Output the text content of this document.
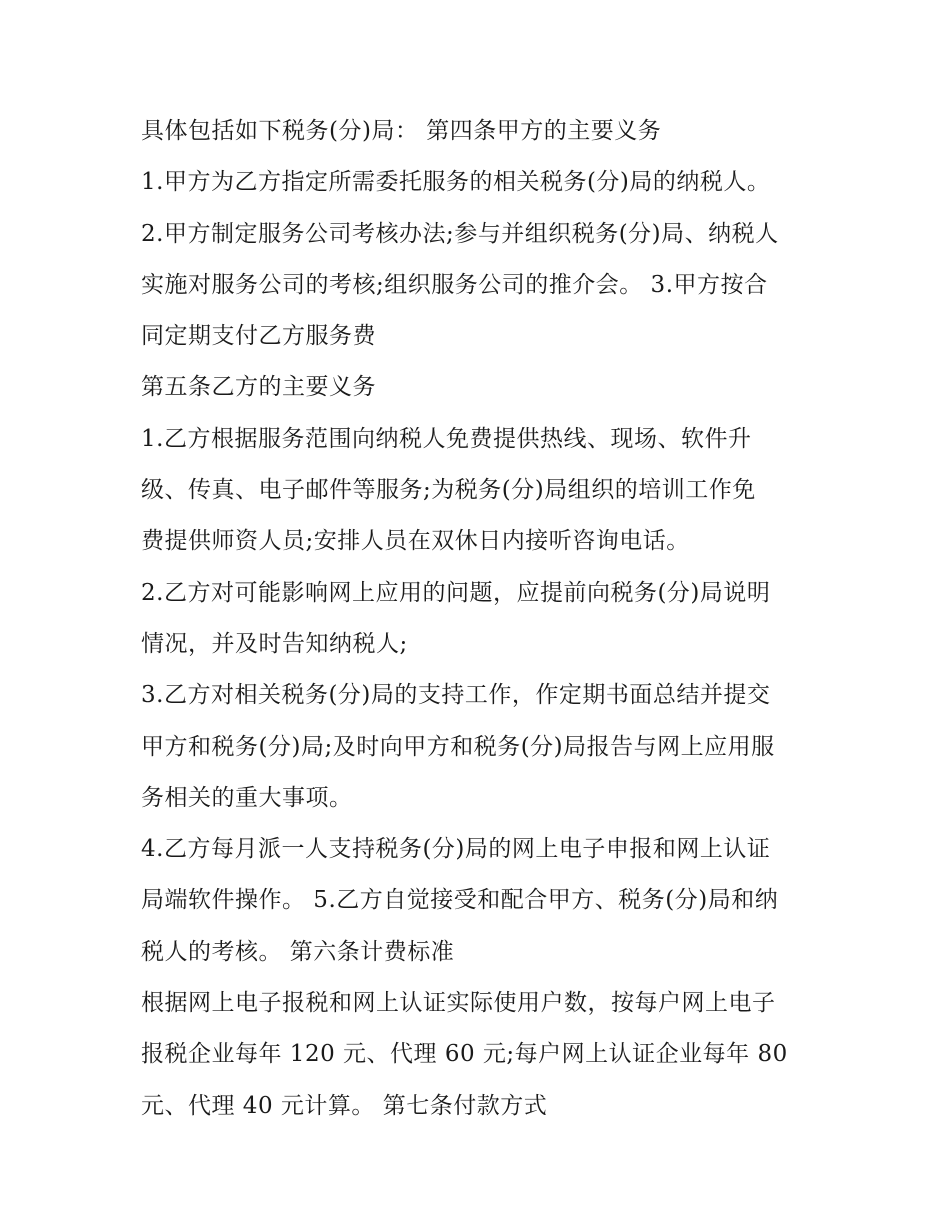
具体包括如下税务(分)局： 第四条甲方的主要义务
1.甲方为乙方指定所需委托服务的相关税务(分)局的纳税人。
2.甲方制定服务公司考核办法;参与并组织税务(分)局、纳税人
实施对服务公司的考核;组织服务公司的推介会。 3.甲方按合
同定期支付乙方服务费
第五条乙方的主要义务
1.乙方根据服务范围向纳税人免费提供热线、现场、软件升
级、传真、电子邮件等服务;为税务(分)局组织的培训工作免
费提供师资人员;安排人员在双休日内接听咨询电话。
2.乙方对可能影响网上应用的问题，应提前向税务(分)局说明
情况，并及时告知纳税人;
3.乙方对相关税务(分)局的支持工作，作定期书面总结并提交
甲方和税务(分)局;及时向甲方和税务(分)局报告与网上应用服
务相关的重大事项。
4.乙方每月派一人支持税务(分)局的网上电子申报和网上认证
局端软件操作。 5.乙方自觉接受和配合甲方、税务(分)局和纳
税人的考核。 第六条计费标准
根据网上电子报税和网上认证实际使用户数，按每户网上电子
报税企业每年 120 元、代理 60 元;每户网上认证企业每年 80
元、代理 40 元计算。 第七条付款方式
